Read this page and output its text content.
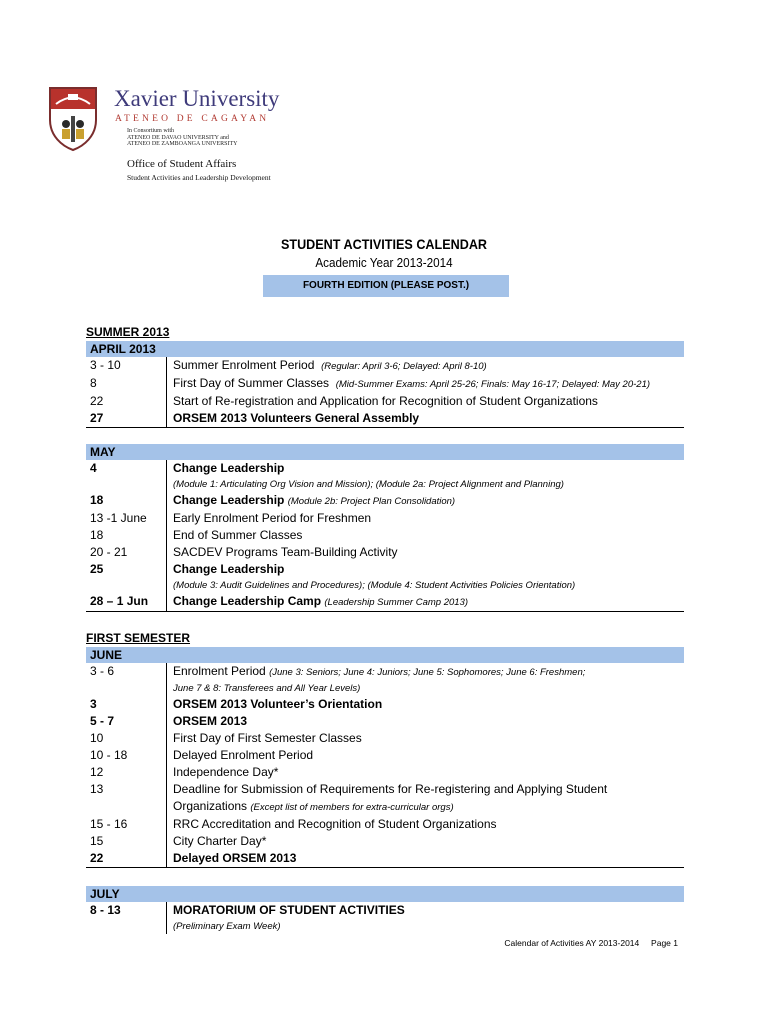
Xavier University
ATENEO DE CAGAYAN
In Consortium with
ATENEO DE DAVAO UNIVERSITY and
ATENEO DE ZAMBOANGA UNIVERSITY
Office of Student Affairs
Student Activities and Leadership Development
STUDENT ACTIVITIES CALENDAR
Academic Year 2013-2014
FOURTH EDITION (PLEASE POST.)
SUMMER 2013
APRIL 2013
3 - 10	Summer Enrolment Period (Regular: April 3-6; Delayed: April 8-10)
8	First Day of Summer Classes (Mid-Summer Exams: April 25-26; Finals: May 16-17; Delayed: May 20-21)
22	Start of Re-registration and Application for Recognition of Student Organizations
27	ORSEM 2013 Volunteers General Assembly
MAY
4	Change Leadership
(Module 1: Articulating Org Vision and Mission); (Module 2a: Project Alignment and Planning)
18	Change Leadership (Module 2b: Project Plan Consolidation)
13 -1 June	Early Enrolment Period for Freshmen
18	End of Summer Classes
20 - 21	SACDEV Programs Team-Building Activity
25	Change Leadership
(Module 3: Audit Guidelines and Procedures); (Module 4: Student Activities Policies Orientation)
28 – 1 Jun	Change Leadership Camp (Leadership Summer Camp 2013)
FIRST SEMESTER
JUNE
3 - 6	Enrolment Period (June 3: Seniors; June 4: Juniors; June 5: Sophomores; June 6: Freshmen;
June 7 & 8: Transferees and All Year Levels)
3	ORSEM 2013 Volunteer’s Orientation
5 - 7	ORSEM 2013
10	First Day of First Semester Classes
10 - 18	Delayed Enrolment Period
12	Independence Day*
13	Deadline for Submission of Requirements for Re-registering and Applying Student
Organizations (Except list of members for extra-curricular orgs)
15 - 16	RRC Accreditation and Recognition of Student Organizations
15	City Charter Day*
22	Delayed ORSEM 2013
JULY
8 - 13	MORATORIUM OF STUDENT ACTIVITIES
(Preliminary Exam Week)
Calendar of Activities AY 2013-2014     Page 1
